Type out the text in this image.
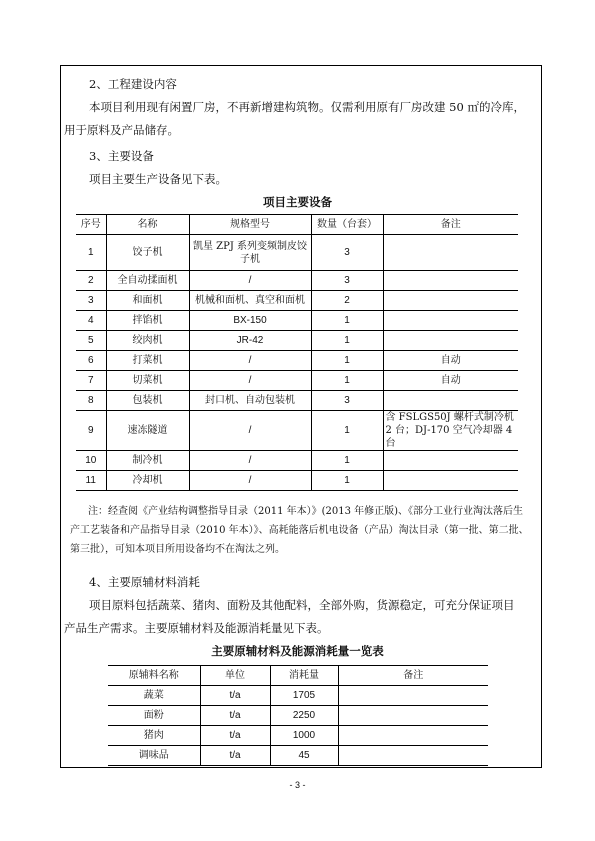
2、工程建设内容
本项目利用现有闲置厂房，不再新增建构筑物。仅需利用原有厂房改建 50 ㎡的冷库，
用于原料及产品储存。
3、主要设备
项目主要生产设备见下表。
项目主要设备
序号	名称	规格型号	数量（台套）	备注
1	饺子机	凯星 ZPJ 系列变频制皮饺子机	3	
2	全自动揉面机	/	3	
3	和面机	机械和面机、真空和面机	2	
4	拌馅机	BX-150	1	
5	绞肉机	JR-42	1	
6	打菜机	/	1	自动
7	切菜机	/	1	自动
8	包装机	封口机、自动包装机	3	
9	速冻隧道	/	1	含 FSLGS50J 螺杆式制冷机 2 台；DJ-170 空气冷却器 4 台
10	制冷机	/	1	
11	冷却机	/	1	
注：经查阅《产业结构调整指导目录（2011 年本）》(2013 年修正版)、《部分工业行业淘汰落后生
产工艺装备和产品指导目录（2010 年本）》、高耗能落后机电设备（产品）淘汰目录（第一批、第二批、
第三批），可知本项目所用设备均不在淘汰之列。
4、主要原辅材料消耗
项目原料包括蔬菜、猪肉、面粉及其他配料，全部外购，货源稳定，可充分保证项目
产品生产需求。主要原辅材料及能源消耗量见下表。
主要原辅材料及能源消耗量一览表
原辅料名称	单位	消耗量	备注
蔬菜	t/a	1705	
面粉	t/a	2250	
猪肉	t/a	1000	
调味品	t/a	45	
- 3 -
